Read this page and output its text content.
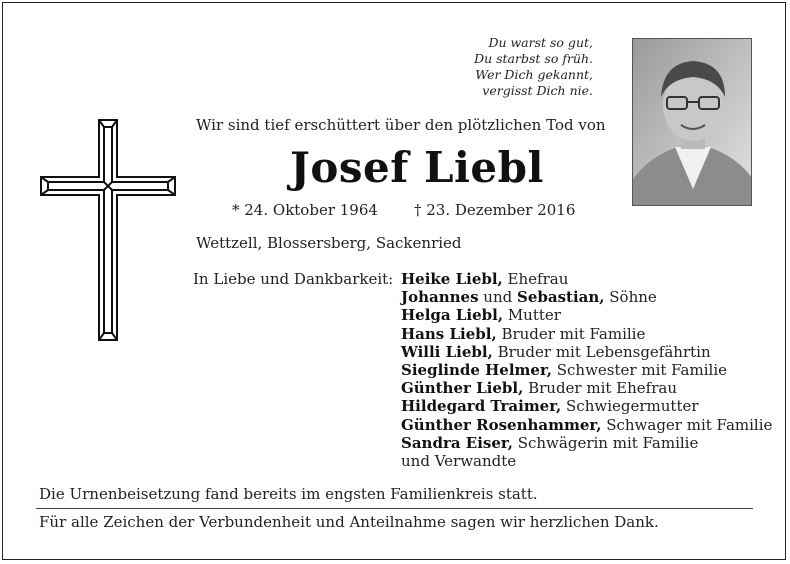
Du warst so gut,
Du starbst so früh.
Wer Dich gekannt,
vergisst Dich nie.
Wir sind tief erschüttert über den plötzlichen Tod von
Josef Liebl
* 24. Oktober 1964 † 23. Dezember 2016
Wettzell, Blossersberg, Sackenried
In Liebe und Dankbarkeit: Heike Liebl, Ehefrau
Johannes und Sebastian, Söhne
Helga Liebl, Mutter
Hans Liebl, Bruder mit Familie
Willi Liebl, Bruder mit Lebensgefährtin
Sieglinde Helmer, Schwester mit Familie
Günther Liebl, Bruder mit Ehefrau
Hildegard Traimer, Schwiegermutter
Günther Rosenhammer, Schwager mit Familie
Sandra Eiser, Schwägerin mit Familie
und Verwandte
Die Urnenbeisetzung fand bereits im engsten Familienkreis statt.
Für alle Zeichen der Verbundenheit und Anteilnahme sagen wir herzlichen Dank.
